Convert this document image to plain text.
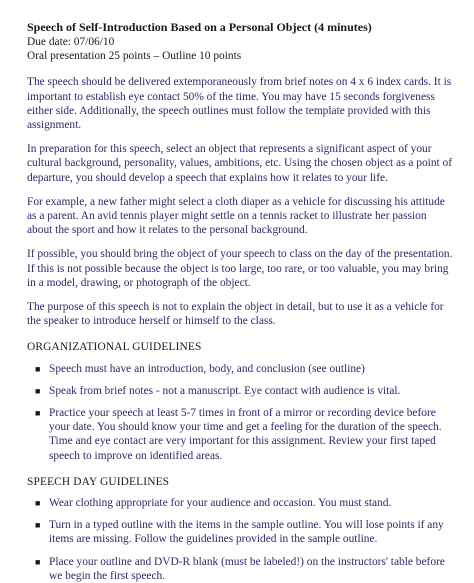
Speech of Self-Introduction Based on a Personal Object (4 minutes)

Due date: 07/06/10

Oral presentation 25 points – Outline 10 points

The speech should be delivered extemporaneously from brief notes on 4 x 6 index cards. It is important to establish eye contact 50% of the time. You may have 15 seconds forgiveness either side. Additionally, the speech outlines must follow the template provided with this assignment.

In preparation for this speech, select an object that represents a significant aspect of your cultural background, personality, values, ambitions, etc. Using the chosen object as a point of departure, you should develop a speech that explains how it relates to your life.

For example, a new father might select a cloth diaper as a vehicle for discussing his attitude as a parent. An avid tennis player might settle on a tennis racket to illustrate her passion about the sport and how it relates to the personal background.

If possible, you should bring the object of your speech to class on the day of the presentation. If this is not possible because the object is too large, too rare, or too valuable, you may bring in a model, drawing, or photograph of the object.

The purpose of this speech is not to explain the object in detail, but to use it as a vehicle for the speaker to introduce herself or himself to the class.

ORGANIZATIONAL GUIDELINES
■ Speech must have an introduction, body, and conclusion (see outline)
■ Speak from brief notes - not a manuscript. Eye contact with audience is vital.
■ Practice your speech at least 5-7 times in front of a mirror or recording device before your date. You should know your time and get a feeling for the duration of the speech. Time and eye contact are very important for this assignment. Review your first taped speech to improve on identified areas.
SPEECH DAY GUIDELINES
■ Wear clothing appropriate for your audience and occasion. You must stand.
■ Turn in a typed outline with the items in the sample outline. You will lose points if any items are missing. Follow the guidelines provided in the sample outline.
■ Place your outline and DVD-R blank (must be labeled!) on the instructors' table before we begin the first speech.
